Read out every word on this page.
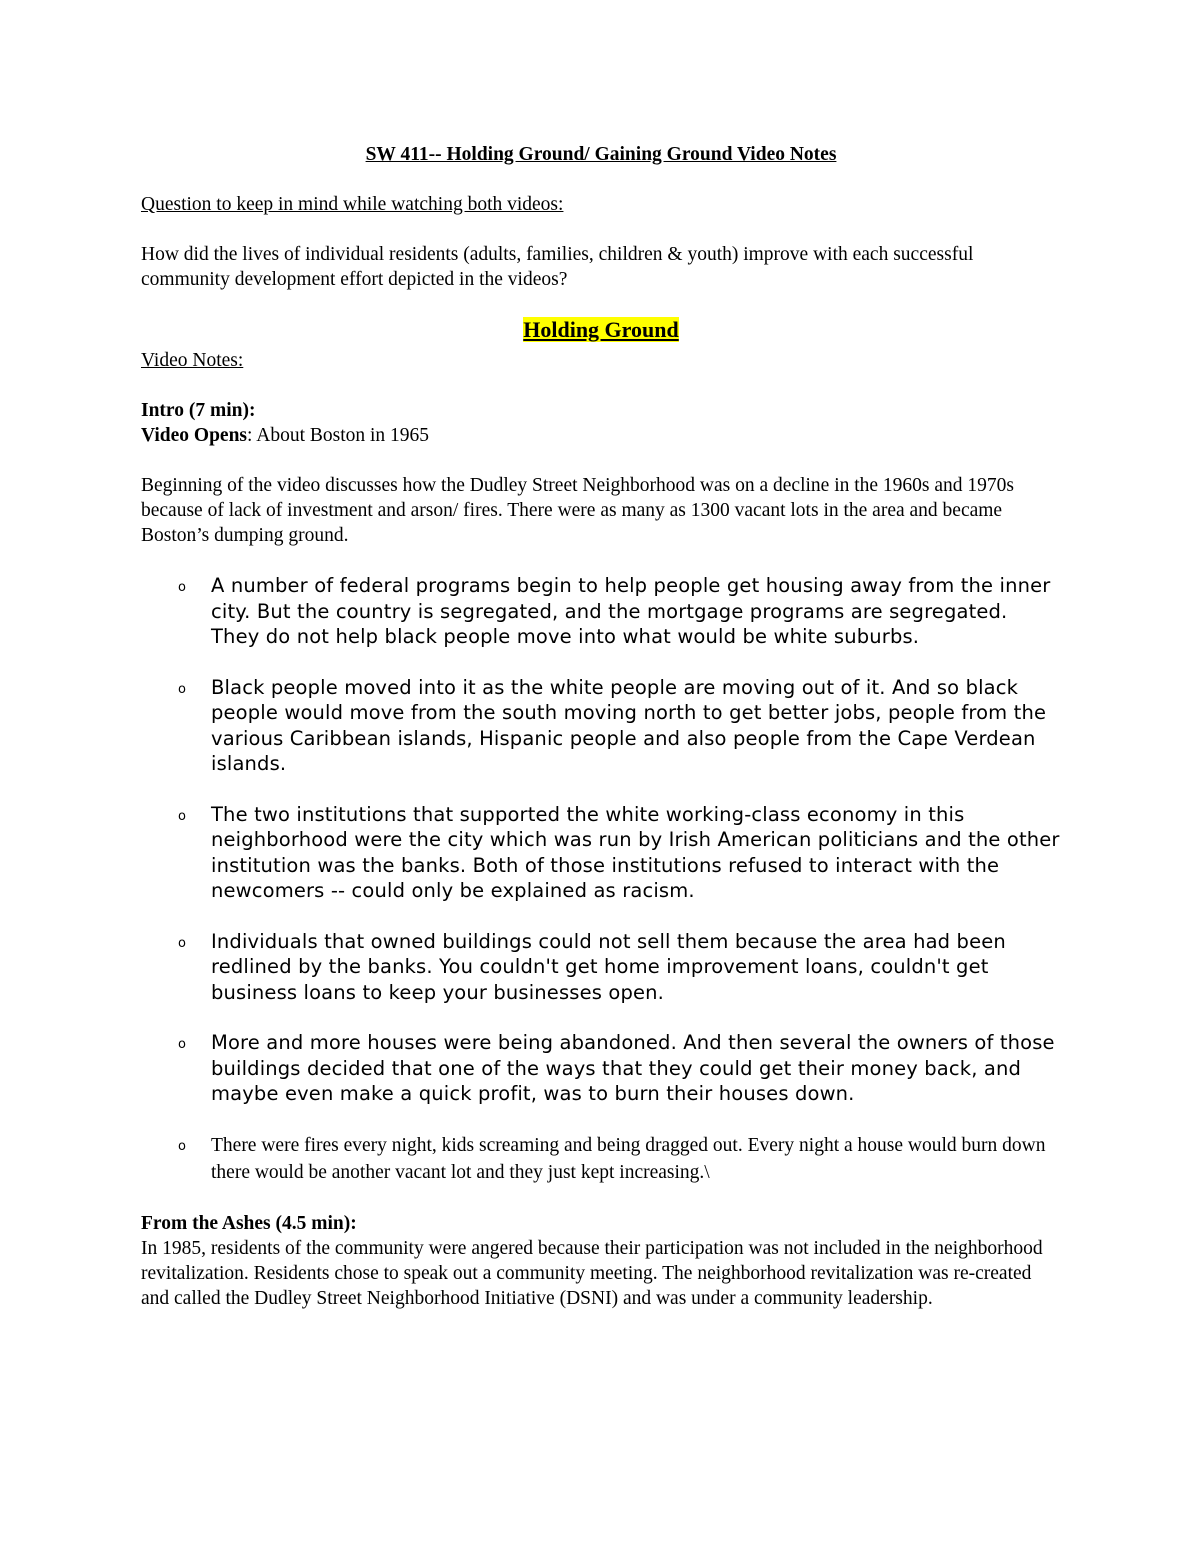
SW 411-- Holding Ground/ Gaining Ground Video Notes

Question to keep in mind while watching both videos:

How did the lives of individual residents (adults, families, children & youth) improve with each successful community development effort depicted in the videos?

Holding Ground

Video Notes:

Intro (7 min):

Video Opens: About Boston in 1965

Beginning of the video discusses how the Dudley Street Neighborhood was on a decline in the 1960s and 1970s because of lack of investment and arson/ fires. There were as many as 1300 vacant lots in the area and became Boston’s dumping ground.

o A number of federal programs begin to help people get housing away from the inner city. But the country is segregated, and the mortgage programs are segregated. They do not help black people move into what would be white suburbs.
o Black people moved into it as the white people are moving out of it. And so black people would move from the south moving north to get better jobs, people from the various Caribbean islands, Hispanic people and also people from the Cape Verdean islands.
o The two institutions that supported the white working-class economy in this neighborhood were the city which was run by Irish American politicians and the other institution was the banks. Both of those institutions refused to interact with the newcomers -- could only be explained as racism.
o Individuals that owned buildings could not sell them because the area had been redlined by the banks. You couldn't get home improvement loans, couldn't get business loans to keep your businesses open.
o More and more houses were being abandoned. And then several the owners of those buildings decided that one of the ways that they could get their money back, and maybe even make a quick profit, was to burn their houses down.
o There were fires every night, kids screaming and being dragged out. Every night a house would burn down there would be another vacant lot and they just kept increasing.\

From the Ashes (4.5 min):

In 1985, residents of the community were angered because their participation was not included in the neighborhood revitalization. Residents chose to speak out a community meeting. The neighborhood revitalization was re-created and called the Dudley Street Neighborhood Initiative (DSNI) and was under a community leadership.
